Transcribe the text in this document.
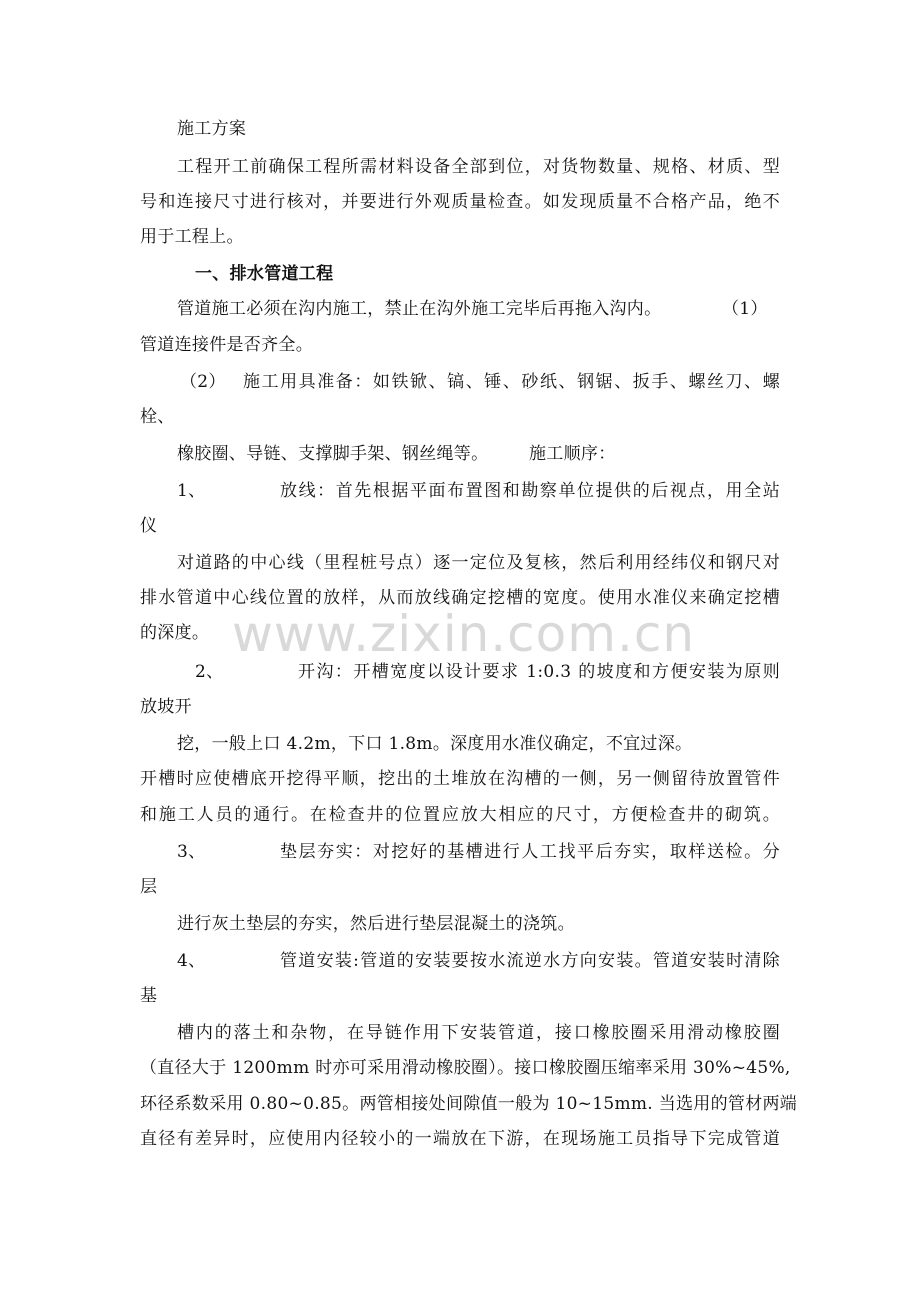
www.zixin.com.cn
施工方案
工程开工前确保工程所需材料设备全部到位，对货物数量、规格、材质、型
号和连接尺寸进行核对，并要进行外观质量检查。如发现质量不合格产品，绝不
用于工程上。
一、排水管道工程
管道施工必须在沟内施工，禁止在沟外施工完毕后再拖入沟内。	（1）
管道连接件是否齐全。
（2） 施工用具准备：如铁锨、镐、锤、砂纸、钢锯、扳手、螺丝刀、螺
栓、
橡胶圈、导链、支撑脚手架、钢丝绳等。 施工顺序：
1、	放线：首先根据平面布置图和勘察单位提供的后视点，用全站
仪
对道路的中心线（里程桩号点）逐一定位及复核，然后利用经纬仪和钢尺对
排水管道中心线位置的放样，从而放线确定挖槽的宽度。使用水准仪来确定挖槽
的深度。
2、	开沟：开槽宽度以设计要求 1:0.3 的坡度和方便安装为原则
放坡开
挖，一般上口 4.2m，下口 1.8m。深度用水准仪确定，不宜过深。
开槽时应使槽底开挖得平顺，挖出的土堆放在沟槽的一侧，另一侧留待放置管件
和施工人员的通行。在检查井的位置应放大相应的尺寸，方便检查井的砌筑。
3、	垫层夯实：对挖好的基槽进行人工找平后夯实，取样送检。分
层
进行灰土垫层的夯实，然后进行垫层混凝土的浇筑。
4、	管道安装:管道的安装要按水流逆水方向安装。管道安装时清除
基
槽内的落土和杂物，在导链作用下安装管道，接口橡胶圈采用滑动橡胶圈
（直径大于 1200mm 时亦可采用滑动橡胶圈）。接口橡胶圈压缩率采用 30%~45%,
环径系数采用 0.80~0.85。两管相接处间隙值一般为 10~15mm. 当选用的管材两端
直径有差异时，应使用内径较小的一端放在下游，在现场施工员指导下完成管道
